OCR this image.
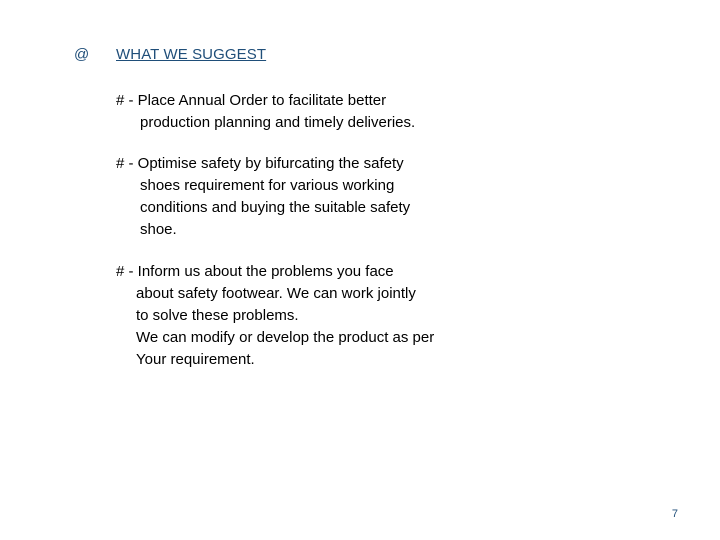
@ WHAT WE SUGGEST
# - Place Annual Order to facilitate better
production planning and timely deliveries.
# - Optimise safety by bifurcating the safety
shoes requirement for various working
conditions and buying the suitable safety
shoe.
# - Inform us about the problems you face
about safety footwear. We can work jointly
to solve these problems.
We can modify or develop the product as per
Your requirement.
7
